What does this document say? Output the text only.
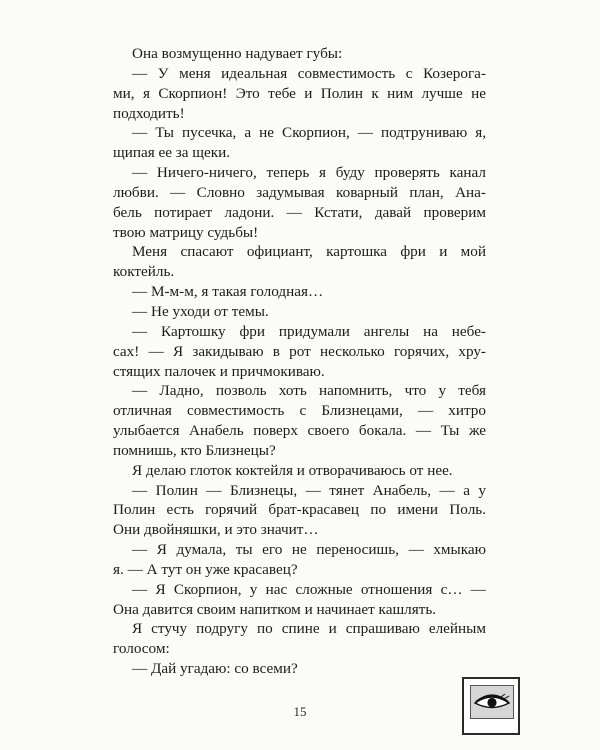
Она возмущенно надувает губы:
— У меня идеальная совместимость с Козерога-
ми, я Скорпион! Это тебе и Полин к ним лучше не
подходить!
— Ты пусечка, а не Скорпион, — подтруниваю я,
щипая ее за щеки.
— Ничего-ничего, теперь я буду проверять канал
любви. — Словно задумывая коварный план, Ана-
бель потирает ладони. — Кстати, давай проверим
твою матрицу судьбы!
Меня спасают официант, картошка фри и мой
коктейль.
— М-м-м, я такая голодная…
— Не уходи от темы.
— Картошку фри придумали ангелы на небе-
сах! — Я закидываю в рот несколько горячих, хру-
стящих палочек и причмокиваю.
— Ладно, позволь хоть напомнить, что у тебя
отличная совместимость с Близнецами, — хитро
улыбается Анабель поверх своего бокала. — Ты же
помнишь, кто Близнецы?
Я делаю глоток коктейля и отворачиваюсь от нее.
— Полин — Близнецы, — тянет Анабель, — а у
Полин есть горячий брат-красавец по имени Поль.
Они двойняшки, и это значит…
— Я думала, ты его не переносишь, — хмыкаю
я. — А тут он уже красавец?
— Я Скорпион, у нас сложные отношения с… —
Она давится своим напитком и начинает кашлять.
Я стучу подругу по спине и спрашиваю елейным
голосом:
— Дай угадаю: со всеми?
15
